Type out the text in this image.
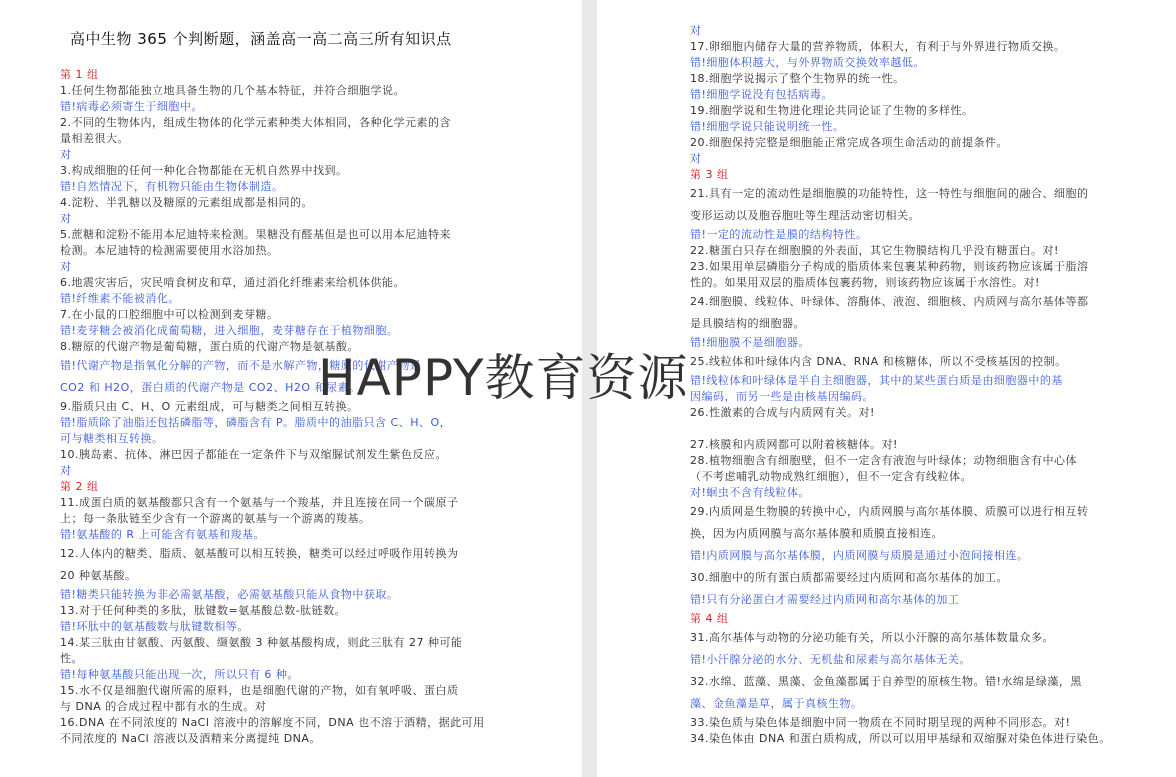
高中生物 365 个判断题，涵盖高一高二高三所有知识点
第 1 组
1.任何生物都能独立地具备生物的几个基本特征，并符合细胞学说。
错!病毒必须寄生于细胞中。
2.不同的生物体内，组成生物体的化学元素种类大体相同，各种化学元素的含
量相差很大。
对
3.构成细胞的任何一种化合物都能在无机自然界中找到。
错!自然情况下，有机物只能由生物体制造。
4.淀粉、半乳糖以及糖原的元素组成都是相同的。
对
5.蔗糖和淀粉不能用本尼迪特来检测。果糖没有醛基但是也可以用本尼迪特来
检测。本尼迪特的检测需要使用水浴加热。
对
6.地震灾害后，灾民啃食树皮和草，通过消化纤维素来给机体供能。
错!纤维素不能被消化。
7.在小鼠的口腔细胞中可以检测到麦芽糖。
错!麦芽糖会被消化成葡萄糖，进入细胞，麦芽糖存在于植物细胞。
8.糖原的代谢产物是葡萄糖，蛋白质的代谢产物是氨基酸。
错!代谢产物是指氧化分解的产物，而不是水解产物，糖原的代谢产物是
CO2 和 H2O，蛋白质的代谢产物是 CO2、H2O 和尿素。
9.脂质只由 C、H、O 元素组成，可与糖类之间相互转换。
错!脂质除了油脂还包括磷脂等，磷脂含有 P。脂质中的油脂只含 C、H、O，
可与糖类相互转换。
10.胰岛素、抗体、淋巴因子都能在一定条件下与双缩脲试剂发生紫色反应。
对
第 2 组
11.成蛋白质的氨基酸都只含有一个氨基与一个羧基，并且连接在同一个碳原子
上；每一条肽链至少含有一个游离的氨基与一个游离的羧基。
错!氨基酸的 R 上可能含有氨基和羧基。
12.人体内的糖类、脂质、氨基酸可以相互转换，糖类可以经过呼吸作用转换为
20 种氨基酸。
错!糖类只能转换为非必需氨基酸，必需氨基酸只能从食物中获取。
13.对于任何种类的多肽，肽键数=氨基酸总数-肽链数。
错!环肽中的氨基酸数与肽键数相等。
14.某三肽由甘氨酸、丙氨酸、缬氨酸 3 种氨基酸构成，则此三肽有 27 种可能
性。
错!每种氨基酸只能出现一次，所以只有 6 种。
15.水不仅是细胞代谢所需的原料，也是细胞代谢的产物，如有氧呼吸、蛋白质
与 DNA 的合成过程中都有水的生成。对
16.DNA 在不同浓度的 NaCl 溶液中的溶解度不同，DNA 也不溶于酒精，据此可用
不同浓度的 NaCl 溶液以及酒精来分离提纯 DNA。
对
17.卵细胞内储存大量的营养物质，体积大，有利于与外界进行物质交换。
错!细胞体积越大，与外界物质交换效率越低。
18.细胞学说揭示了整个生物界的统一性。
错!细胞学说没有包括病毒。
19.细胞学说和生物进化理论共同论证了生物的多样性。
错!细胞学说只能说明统一性。
20.细胞保持完整是细胞能正常完成各项生命活动的前提条件。
对
第 3 组
21.具有一定的流动性是细胞膜的功能特性，这一特性与细胞间的融合、细胞的
变形运动以及胞吞胞吐等生理活动密切相关。
错!一定的流动性是膜的结构特性。
22.糖蛋白只存在细胞膜的外表面，其它生物膜结构几乎没有糖蛋白。对!
23.如果用单层磷脂分子构成的脂质体来包裹某种药物，则该药物应该属于脂溶
性的。如果用双层的脂质体包裹药物，则该药物应该属于水溶性。对!
24.细胞膜、线粒体、叶绿体、溶酶体、液泡、细胞核、内质网与高尔基体等都
是具膜结构的细胞器。
错!细胞膜不是细胞器。
25.线粒体和叶绿体内含 DNA、RNA 和核糖体，所以不受核基因的控制。
错!线粒体和叶绿体是半自主细胞器，其中的某些蛋白质是由细胞器中的基
因编码，而另一些是由核基因编码。
26.性激素的合成与内质网有关。对!

27.核膜和内质网都可以附着核糖体。对!
28.植物细胞含有细胞壁，但不一定含有液泡与叶绿体；动物细胞含有中心体
（不考虑哺乳动物成熟红细胞），但不一定含有线粒体。
对!蛔虫不含有线粒体。
29.内质网是生物膜的转换中心，内质网膜与高尔基体膜、质膜可以进行相互转
换，因为内质网膜与高尔基体膜和质膜直接相连。
错!内质网膜与高尔基体膜，内质网膜与质膜是通过小泡间接相连。
30.细胞中的所有蛋白质都需要经过内质网和高尔基体的加工。
错!只有分泌蛋白才需要经过内质网和高尔基体的加工
第 4 组
31.高尔基体与动物的分泌功能有关，所以小汗腺的高尔基体数量众多。
错!小汗腺分泌的水分、无机盐和尿素与高尔基体无关。
32.水绵、蓝藻、黑藻、金鱼藻都属于自养型的原核生物。错!水绵是绿藻，黑
藻、金鱼藻是草，属于真核生物。
33.染色质与染色体是细胞中同一物质在不同时期呈现的两种不同形态。对!
34.染色体由 DNA 和蛋白质构成，所以可以用甲基绿和双缩脲对染色体进行染色。
HAPPY教育资源
